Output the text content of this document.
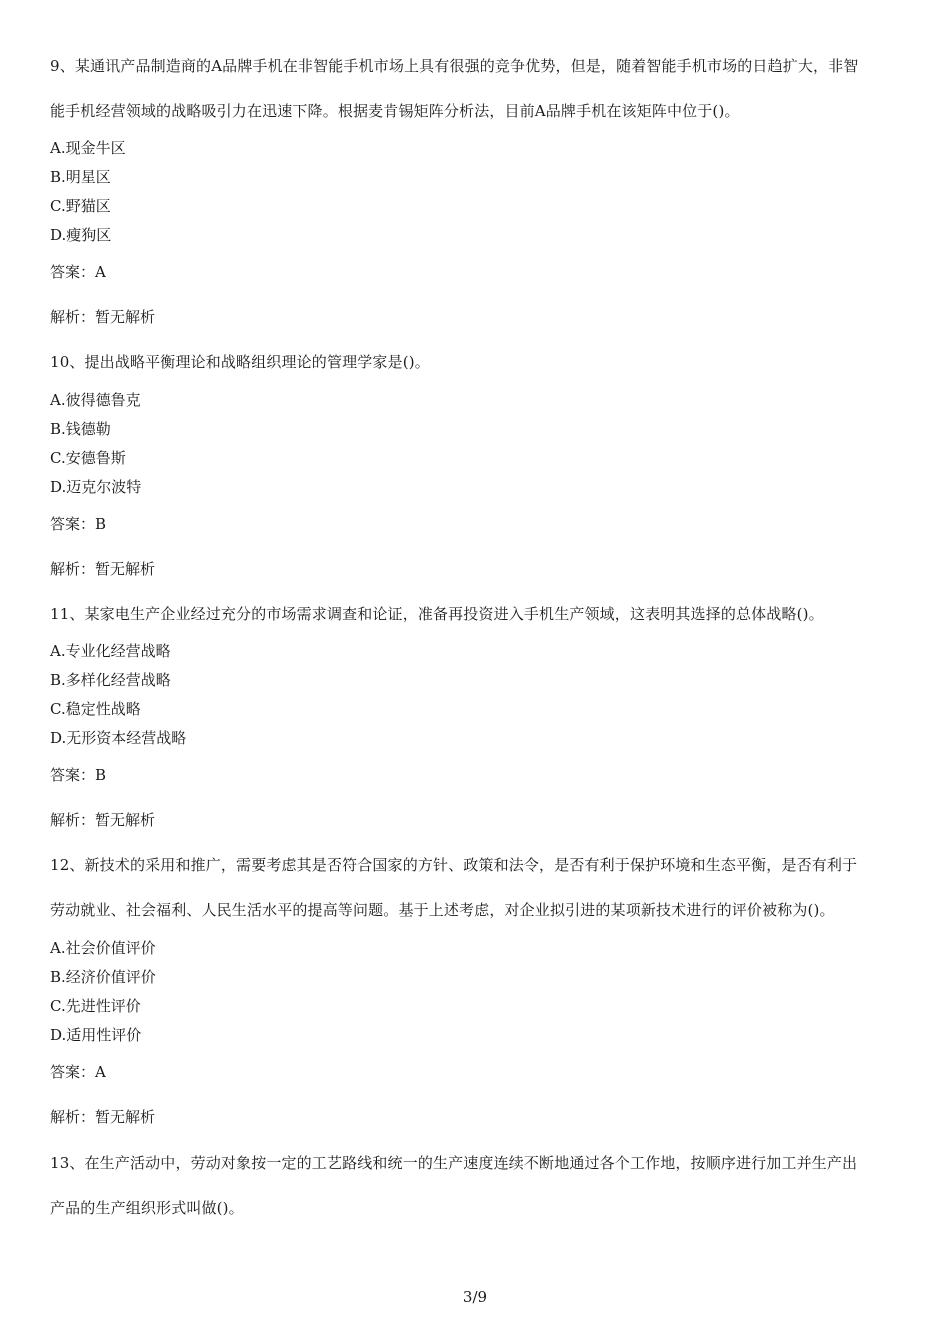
9、某通讯产品制造商的A品牌手机在非智能手机市场上具有很强的竞争优势，但是，随着智能手机市场的日趋扩大，非智
能手机经营领域的战略吸引力在迅速下降。根据麦肯锡矩阵分析法，目前A品牌手机在该矩阵中位于()。
A.现金牛区
B.明星区
C.野猫区
D.瘦狗区
答案：A
解析：暂无解析
10、提出战略平衡理论和战略组织理论的管理学家是()。
A.彼得德鲁克
B.钱德勒
C.安德鲁斯
D.迈克尔波特
答案：B
解析：暂无解析
11、某家电生产企业经过充分的市场需求调查和论证，准备再投资进入手机生产领域，这表明其选择的总体战略()。
A.专业化经营战略
B.多样化经营战略
C.稳定性战略
D.无形资本经营战略
答案：B
解析：暂无解析
12、新技术的采用和推广，需要考虑其是否符合国家的方针、政策和法令，是否有利于保护环境和生态平衡，是否有利于
劳动就业、社会福利、人民生活水平的提高等问题。基于上述考虑，对企业拟引进的某项新技术进行的评价被称为()。
A.社会价值评价
B.经济价值评价
C.先进性评价
D.适用性评价
答案：A
解析：暂无解析
13、在生产活动中，劳动对象按一定的工艺路线和统一的生产速度连续不断地通过各个工作地，按顺序进行加工并生产出
产品的生产组织形式叫做()。
3/9
